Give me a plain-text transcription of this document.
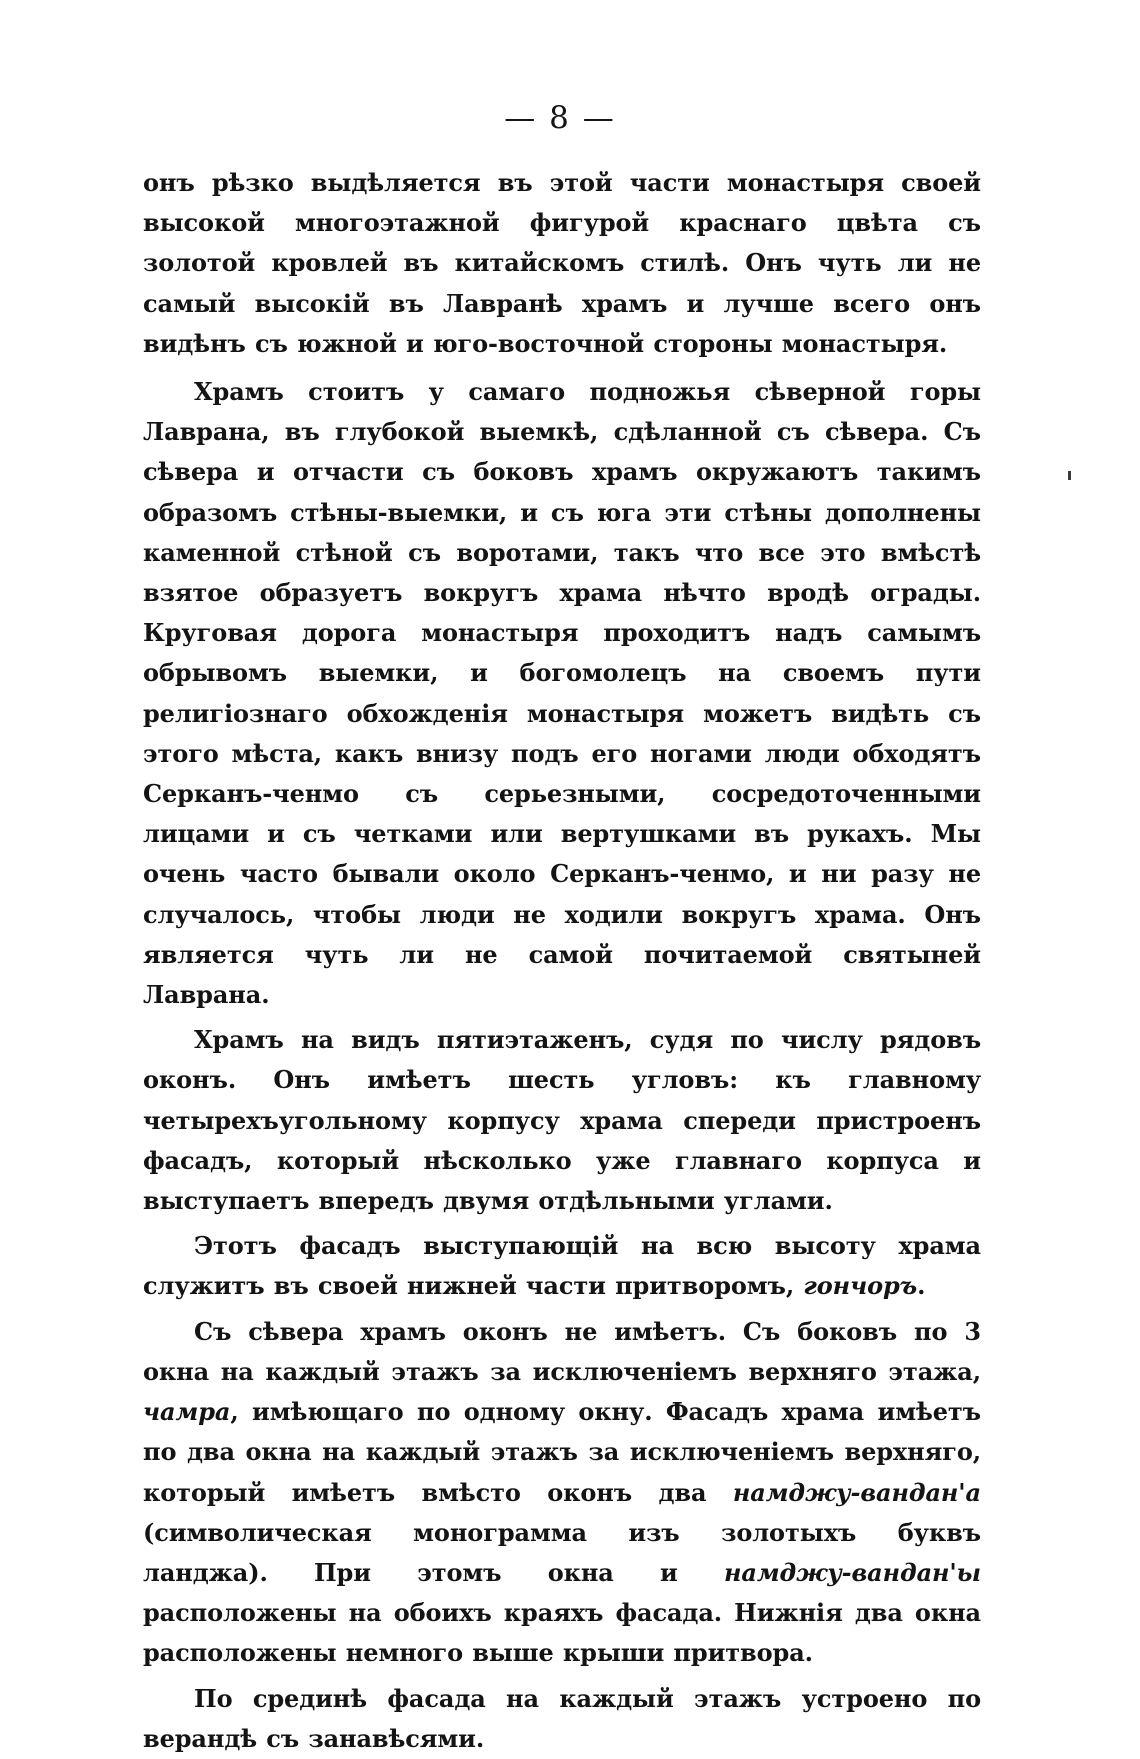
— 8 —

онъ рѣзко выдѣляется въ этой части монастыря своей высокой многоэтажной фигурой краснаго цвѣта съ золотой кровлей въ китайскомъ стилѣ. Онъ чуть ли не самый высокій въ Лавранѣ храмъ и лучше всего онъ видѣнъ съ южной и юго-восточной стороны монастыря.

Храмъ стоитъ у самаго подножья сѣверной горы Лаврана, въ глубокой выемкѣ, сдѣланной съ сѣвера. Съ сѣвера и отчасти съ боковъ храмъ окружаютъ такимъ образомъ стѣны-выемки, и съ юга эти стѣны дополнены каменной стѣной съ воротами, такъ что все это вмѣстѣ взятое образуетъ вокругъ храма нѣчто вродѣ ограды. Круговая дорога монастыря проходитъ надъ самымъ обрывомъ выемки, и богомолецъ на своемъ пути религіознаго обхожденія монастыря можетъ видѣть съ этого мѣста, какъ внизу подъ его ногами люди обходятъ Серканъ-ченмо съ серьезными, сосредоточенными лицами и съ четками или вертушками въ рукахъ. Мы очень часто бывали около Серканъ-ченмо, и ни разу не случалось, чтобы люди не ходили вокругъ храма. Онъ является чуть ли не самой почитаемой святыней Лаврана.

Храмъ на видъ пятиэтаженъ, судя по числу рядовъ оконъ. Онъ имѣетъ шесть угловъ: къ главному четырехъугольному корпусу храма спереди пристроенъ фасадъ, который нѣсколько уже главнаго корпуса и выступаетъ впередъ двумя отдѣльными углами.

Этотъ фасадъ выступающій на всю высоту храма служитъ въ своей нижней части притворомъ, гончоръ.

Съ сѣвера храмъ оконъ не имѣетъ. Съ боковъ по 3 окна на каждый этажъ за исключеніемъ верхняго этажа, чамра, имѣющаго по одному окну. Фасадъ храма имѣетъ по два окна на каждый этажъ за исключеніемъ верхняго, который имѣетъ вмѣсто оконъ два намджу-вандан'а (символическая монограмма изъ золотыхъ буквъ ланджа). При этомъ окна и намджу-вандан'ы расположены на обоихъ краяхъ фасада. Нижнія два окна расположены немного выше крыши притвора.

По срединѣ фасада на каждый этажъ устроено по верандѣ съ занавѣсями.
